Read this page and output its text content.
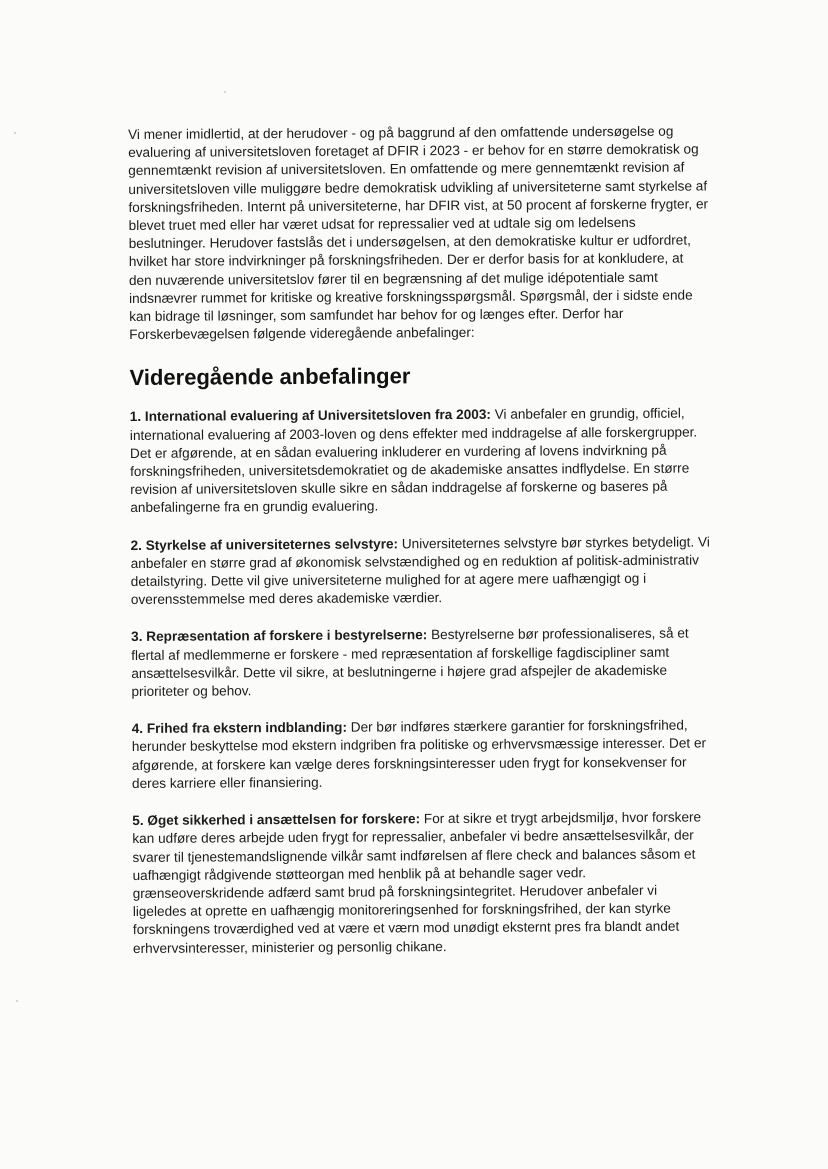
Vi mener imidlertid, at der herudover - og på baggrund af den omfattende undersøgelse og evaluering af universitetsloven foretaget af DFIR i 2023 - er behov for en større demokratisk og gennemtænkt revision af universitetsloven. En omfattende og mere gennemtænkt revision af universitetsloven ville muliggøre bedre demokratisk udvikling af universiteterne samt styrkelse af forskningsfriheden. Internt på universiteterne, har DFIR vist, at 50 procent af forskerne frygter, er blevet truet med eller har været udsat for repressalier ved at udtale sig om ledelsens beslutninger. Herudover fastslås det i undersøgelsen, at den demokratiske kultur er udfordret, hvilket har store indvirkninger på forskningsfriheden. Der er derfor basis for at konkludere, at den nuværende universitetslov fører til en begrænsning af det mulige idépotentiale samt indsnævrer rummet for kritiske og kreative forskningsspørgsmål. Spørgsmål, der i sidste ende kan bidrage til løsninger, som samfundet har behov for og længes efter. Derfor har Forskerbevægelsen følgende videregående anbefalinger:

Videregående anbefalinger

1. International evaluering af Universitetsloven fra 2003: Vi anbefaler en grundig, officiel, international evaluering af 2003-loven og dens effekter med inddragelse af alle forskergrupper. Det er afgørende, at en sådan evaluering inkluderer en vurdering af lovens indvirkning på forskningsfriheden, universitetsdemokratiet og de akademiske ansattes indflydelse. En større revision af universitetsloven skulle sikre en sådan inddragelse af forskerne og baseres på anbefalingerne fra en grundig evaluering.

2. Styrkelse af universiteternes selvstyre: Universiteternes selvstyre bør styrkes betydeligt. Vi anbefaler en større grad af økonomisk selvstændighed og en reduktion af politisk-administrativ detailstyring. Dette vil give universiteterne mulighed for at agere mere uafhængigt og i overensstemmelse med deres akademiske værdier.

3. Repræsentation af forskere i bestyrelserne: Bestyrelserne bør professionaliseres, så et flertal af medlemmerne er forskere - med repræsentation af forskellige fagdiscipliner samt ansættelsesvilkår. Dette vil sikre, at beslutningerne i højere grad afspejler de akademiske prioriteter og behov.

4. Frihed fra ekstern indblanding: Der bør indføres stærkere garantier for forskningsfrihed, herunder beskyttelse mod ekstern indgriben fra politiske og erhvervsmæssige interesser. Det er afgørende, at forskere kan vælge deres forskningsinteresser uden frygt for konsekvenser for deres karriere eller finansiering.

5. Øget sikkerhed i ansættelsen for forskere: For at sikre et trygt arbejdsmiljø, hvor forskere kan udføre deres arbejde uden frygt for repressalier, anbefaler vi bedre ansættelsesvilkår, der svarer til tjenestemandslignende vilkår samt indførelsen af flere check and balances såsom et uafhængigt rådgivende støtteorgan med henblik på at behandle sager vedr. grænseoverskridende adfærd samt brud på forskningsintegritet. Herudover anbefaler vi ligeledes at oprette en uafhængig monitoreringsenhed for forskningsfrihed, der kan styrke forskningens troværdighed ved at være et værn mod unødigt eksternt pres fra blandt andet erhvervsinteresser, ministerier og personlig chikane.
